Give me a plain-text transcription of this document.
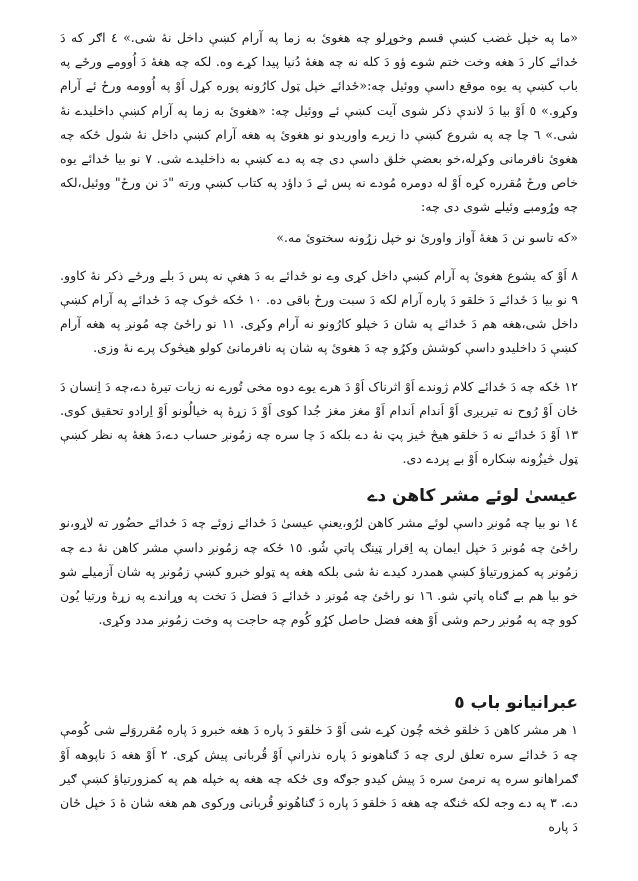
«ما په خپل غضب کښې قسم وخوړلو چه هغوئ به زما په آرام کښې داخل نهٔ شی.» ٤ اګر که دَ ځدائے کار دَ هغه وخت ختم شوے ؤو دَ کله نه چه هغهٔ دُنیا پیدا کړے وه. لکه چه هغهٔ دَ اُوومے ورځے په باب کښې په یوه موقع داسې ووئیل چه:«ځدائے خپل ټول کارُونه پوره کړل اَوْ په اُوومه ورځ ئے آرام وکړو.» ٥ اَوْ بیا دَ لاندې ذکر شوی آیت کښې ئے ووئیل چه: «هغوئ به زما په آرام کښې داخلیدے نهٔ شی.» ٦ چا چه په شروع کښې دا زیرے واوریدو نو هغوئ په هغه آرام کښې داخل نهٔ شول ځکه چه هغوئ نافرمانی وکړله،خو بعضې خلق داسې دی چه په دے کښې به داخلیدے شی. ٧ نو بیا ځدائے یوه خاص ورځ مُقرره کړه اَوْ له دومره مُودے نه پس ئے دَ داؤد په کتاب کښې ورته "دَ نن ورځ" ووئیل،لکه چه وړُومبے وئیلے شوی دی چه:

«که تاسو نن دَ هغهٔ آواز واورئ نو خپل زړُونه سختوئ مه.»

٨ اَوْ که یشوع هغوئ په آرام کښې داخل کړی وے نو ځدائے به دَ هغې نه پس دَ بلے ورځے ذکر نهٔ کاوو. ٩ نو بیا دَ ځدائے دَ خلقو دَ پاره آرام لکه دَ سبت ورځ باقی ده. ١٠ ځکه څوک چه دَ ځدائے په آرام کښې داخل شی،هغه هم دَ ځدائے په شان دَ خپلو کارُونو نه آرام وکړی. ١١ نو راځئ چه مُونږ په هغه آرام کښې دَ داخلیدو داسې کوشش وکړُو چه دَ هغوئ په شان په نافرمانئ کولو هیڅوک پرے نهٔ وزی.

١٢ ځکه چه دَ ځدائے کلام ژوندے اَوْ اثرناک اَوْ دَ هرے یوے دوه مخی تُورے نه زیات تیرهٔ دے،چه دَ اِنسان دَ ځان اَوْ رُوح نه تیریږی اَوْ اَندام اَندام اَوْ مغز مغز جُدا کوی اَوْ دَ زړهٔ په خیالُونو اَوْ اِرادو تحقیق کوی. ١٣ اَوْ دَ ځدائے نه دَ خلقو هیڅ څیز پټ نهٔ دے بلکه دَ چا سره چه زمُونږ حساب دے،دَ هغهٔ په نظر کښې ټول څیزُونه ښکاره اَوْ بے پردے دی.

عیسیٰ لوئے مشر کاهن دے

١٤ نو بیا چه مُونږ داسې لوئے مشر کاهن لرُو،یعنې عیسیٰ دَ ځدائے زوئے چه دَ ځدائے حضُور ته لاړو،نو راځئ چه مُونږ دَ خپل ایمان په اِقرار ټینګ پاتې شُو. ١٥ ځکه چه زمُونږ داسې مشر کاهن نهٔ دے چه زمُونږ په کمزورتیاؤ کښې همدرد کیدے نهٔ شی بلکه هغه په ټولو خبرو کښې زمُونږ په شان آزمیلے شو خو بیا هم بے ګناه پاتې شو. ١٦ نو راځئ چه مُونږ د ځدائے دَ فضل دَ تخت په وړاندے په زړهٔ ورتیا یُون کوو چه په مُونږ رحم وشی اَوْ هغه فضل حاصل کړُو کُوم چه حاجت په وخت زمُونږ مدد وکړی.

عبرانیانو باب ٥

١ هر مشر کاهن دَ خلقو څخه چُون کړے شی اَوْ دَ خلقو دَ پاره دَ هغه خبرو دَ پاره مُقرروَلے شی کُومې چه دَ ځدائے سره تعلق لری چه دَ ګناهونو دَ پاره نذرانې اَوْ قُربانی پیش کړی. ٢ اَوْ هغه دَ ناپوهه اَوْ ګمراهانو سره په نرمئ سره دَ پیش کیدو جوګه وی ځکه چه هغه په خپله هم په کمزورتیاؤ کښې ګیر دے. ٣ په دے وجه لکه څنګه چه هغه دَ خلقو دَ پاره دَ ګناهُونو قُربانی ورکوی هم هغه شان هٔ دَ خپل ځان دَ پاره
